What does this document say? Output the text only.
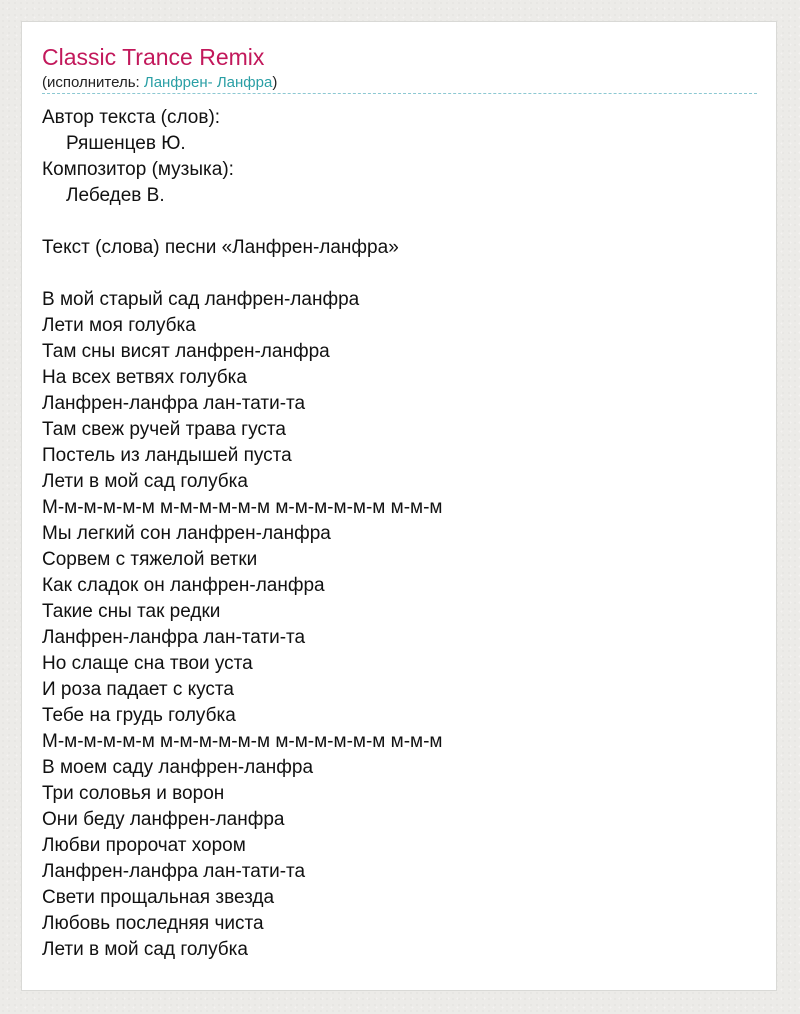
Classic Trance Remix
(исполнитель: Ланфрен- Ланфра)
Автор текста (слов):
Ряшенцев Ю.
Композитор (музыка):
Лебедев В.
Текст (слова) песни «Ланфрен-ланфра»
В мой старый сад ланфрен-ланфра
Лети моя голубка
Там сны висят ланфрен-ланфра
На всех ветвях голубка
Ланфрен-ланфра лан-тати-та
Там свеж ручей трава густа
Постель из ландышей пуста
Лети в мой сад голубка
М-м-м-м-м-м м-м-м-м-м-м м-м-м-м-м-м м-м-м
Мы легкий сон ланфрен-ланфра
Сорвем с тяжелой ветки
Как сладок он ланфрен-ланфра
Такие сны так редки
Ланфрен-ланфра лан-тати-та
Но слаще сна твои уста
И роза падает с куста
Тебе на грудь голубка
М-м-м-м-м-м м-м-м-м-м-м м-м-м-м-м-м м-м-м
В моем саду ланфрен-ланфра
Три соловья и ворон
Они беду ланфрен-ланфра
Любви пророчат хором
Ланфрен-ланфра лан-тати-та
Свети прощальная звезда
Любовь последняя чиста
Лети в мой сад голубка
